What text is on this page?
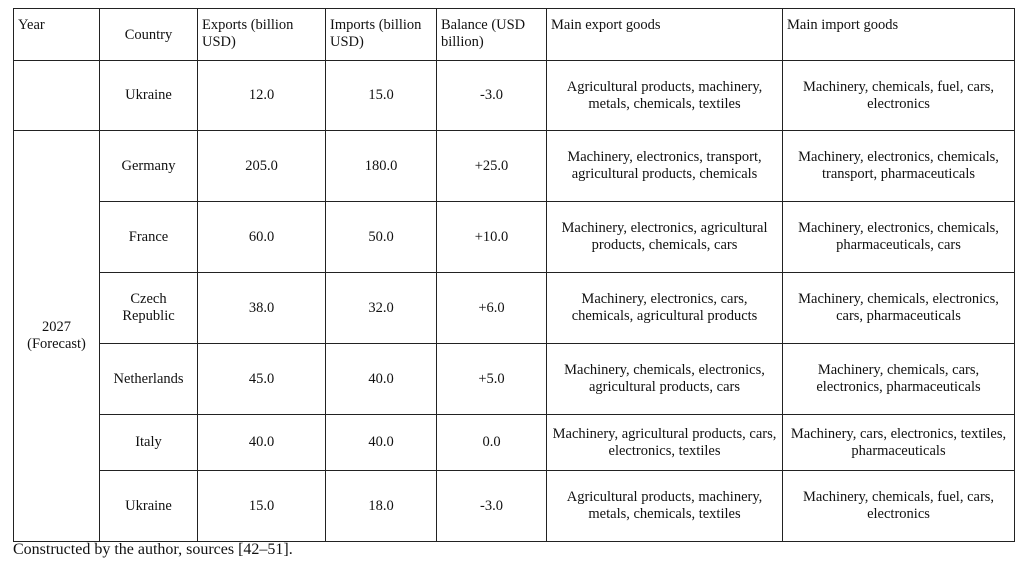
Year	Country	Exports (billion USD)	Imports (billion USD)	Balance (USD billion)	Main export goods	Main import goods
	Ukraine	12.0	15.0	-3.0	Agricultural products, machinery, metals, chemicals, textiles	Machinery, chemicals, fuel, cars, electronics
2027 (Forecast)	Germany	205.0	180.0	+25.0	Machinery, electronics, transport, agricultural products, chemicals	Machinery, electronics, chemicals, transport, pharmaceuticals
	France	60.0	50.0	+10.0	Machinery, electronics, agricultural products, chemicals, cars	Machinery, electronics, chemicals, pharmaceuticals, cars
	Czech Republic	38.0	32.0	+6.0	Machinery, electronics, cars, chemicals, agricultural products	Machinery, chemicals, electronics, cars, pharmaceuticals
	Netherlands	45.0	40.0	+5.0	Machinery, chemicals, electronics, agricultural products, cars	Machinery, chemicals, cars, electronics, pharmaceuticals
	Italy	40.0	40.0	0.0	Machinery, agricultural products, cars, electronics, textiles	Machinery, cars, electronics, textiles, pharmaceuticals
	Ukraine	15.0	18.0	-3.0	Agricultural products, machinery, metals, chemicals, textiles	Machinery, chemicals, fuel, cars, electronics
Constructed by the author, sources [42–51].
